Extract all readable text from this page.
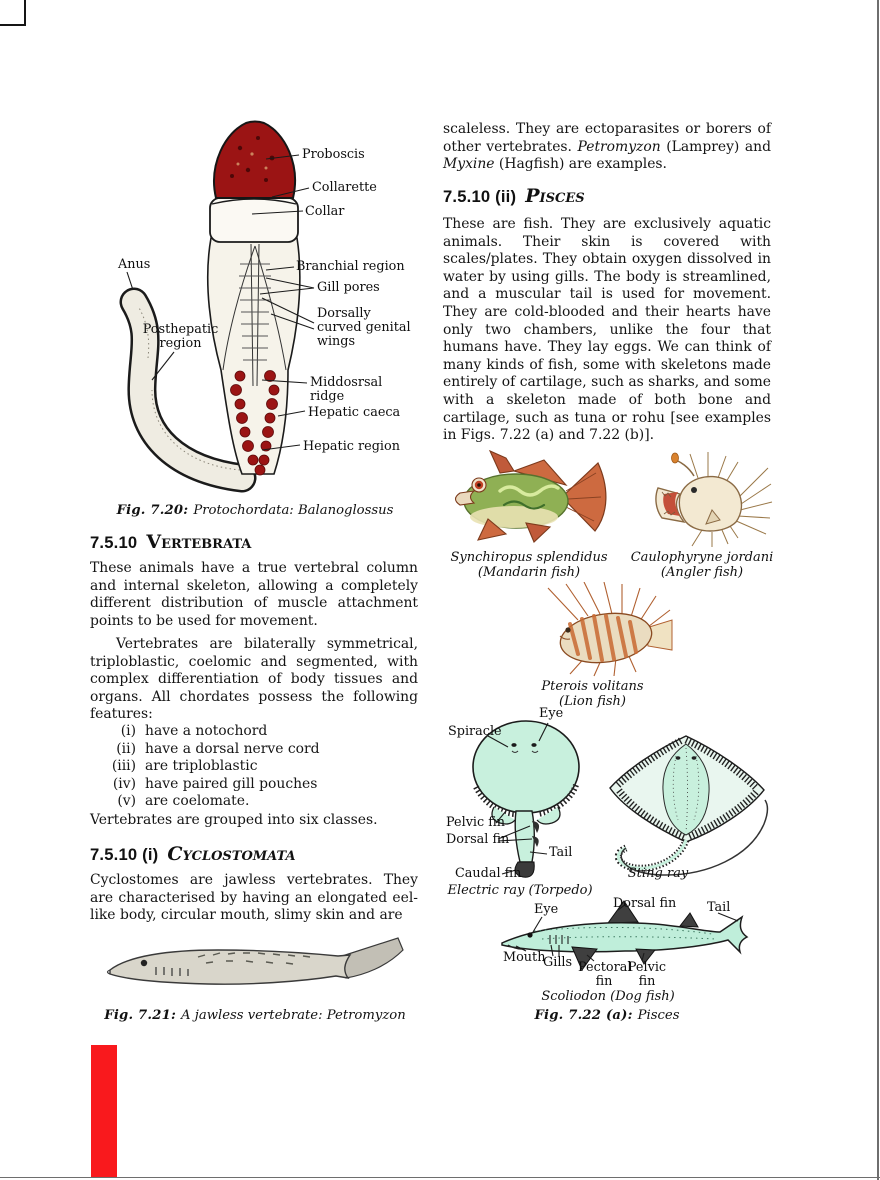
Proboscis
Collarette
Collar
Branchial region
Gill pores
Dorsally curved genital wings
Middosrsal ridge
Hepatic caeca
Hepatic region
Anus
Posthepatic region
Fig. 7.20: Protochordata: Balanoglossus
7.5.10 Vertebrata

These animals have a true vertebral column and internal skeleton, allowing a completely different distribution of muscle attachment points to be used for movement.

Vertebrates are bilaterally symmetrical, triploblastic, coelomic and segmented, with complex differentiation of body tissues and organs. All chordates possess the following features:

(i) have a notochord
(ii) have a dorsal nerve cord
(iii) are triploblastic
(iv) have paired gill pouches
(v) are coelomate.

Vertebrates are grouped into six classes.

7.5.10 (i) Cyclostomata

Cyclostomes are jawless vertebrates. They are characterised by having an elongated eel-like body, circular mouth, slimy skin and are

Fig. 7.21: A jawless vertebrate: Petromyzon

scaleless. They are ectoparasites or borers of other vertebrates. Petromyzon (Lamprey) and Myxine (Hagfish) are examples.

7.5.10 (ii) Pisces

These are fish. They are exclusively aquatic animals. Their skin is covered with scales/plates. They obtain oxygen dissolved in water by using gills. The body is streamlined, and a muscular tail is used for movement. They are cold-blooded and their hearts have only two chambers, unlike the four that humans have. They lay eggs. We can think of many kinds of fish, some with skeletons made entirely of cartilage, such as sharks, and some with a skeleton made of both bone and cartilage, such as tuna or rohu [see examples in Figs. 7.22 (a) and 7.22 (b)].

Synchiropus splendidus
(Mandarin fish)
Caulophyryne jordani
(Angler fish)
Pterois volitans
(Lion fish)
Eye
Spiracle
Pelvic fin
Dorsal fin
Tail
Caudal fin
Electric ray (Torpedo)
Sting ray
Eye	Dorsal fin Tail
Mouth
Gills Pectoral fin
Pelvic fin
Scoliodon (Dog fish)
Fig. 7.22 (a): Pisces
